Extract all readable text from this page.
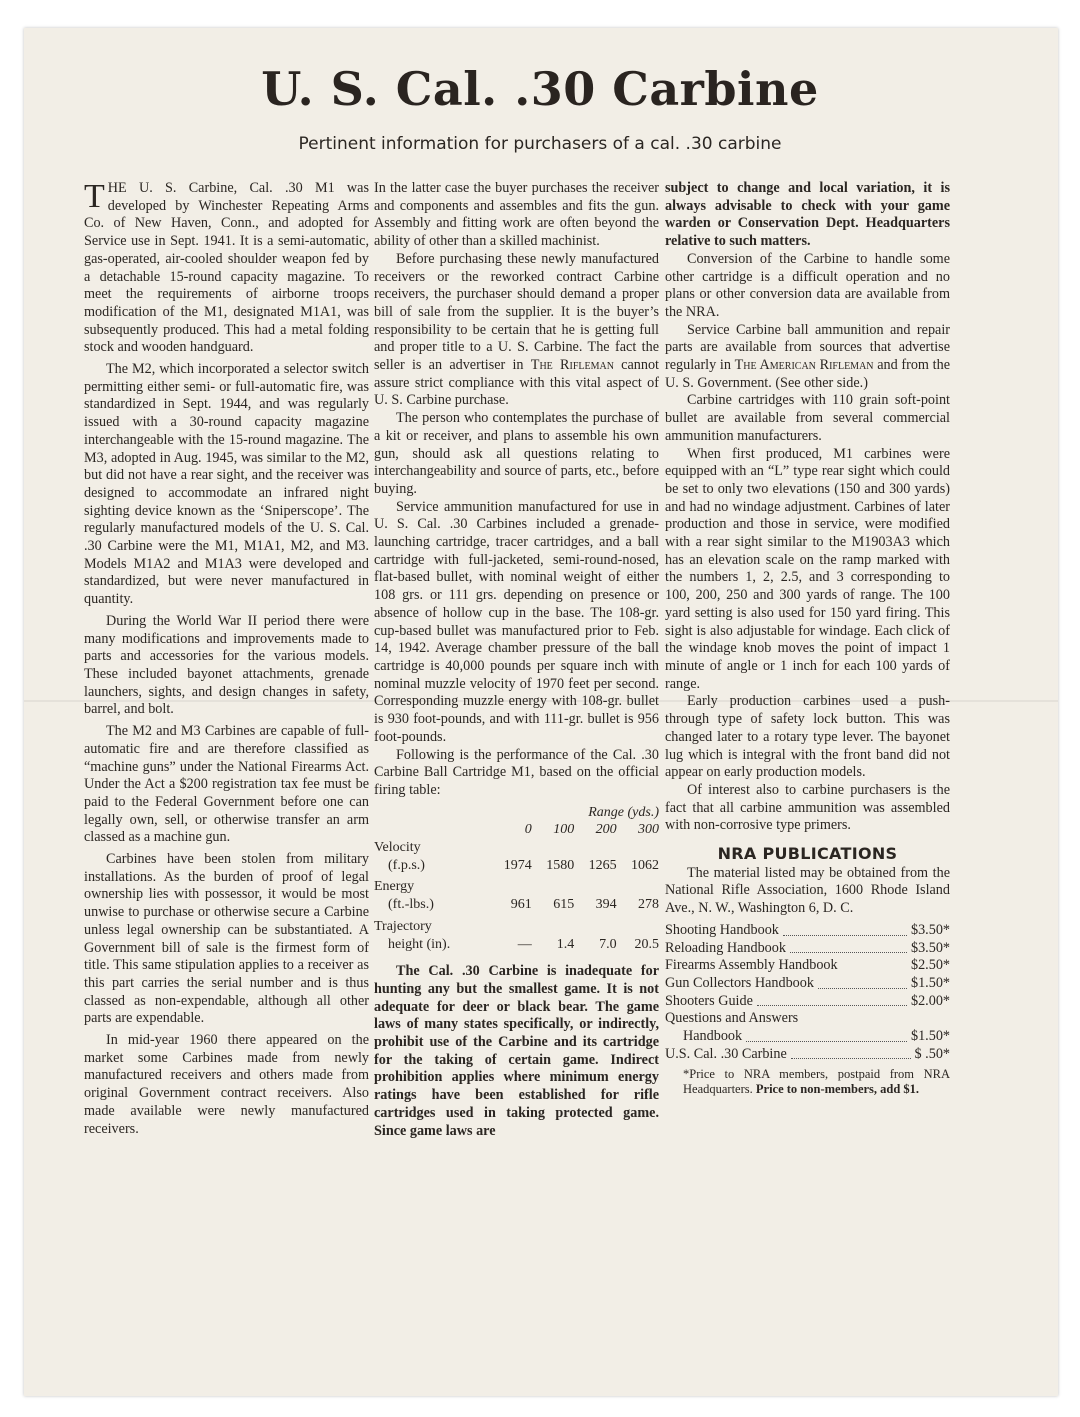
U. S. Cal. .30 Carbine
Pertinent information for purchasers of a cal. .30 carbine

THE U. S. Carbine, Cal. .30 M1 was developed by Winchester Repeating Arms Co. of New Haven, Conn., and adopted for Service use in Sept. 1941. It is a semi-automatic, gas-operated, air-cooled shoulder weapon fed by a detachable 15-round capacity magazine. To meet the requirements of airborne troops modification of the M1, designated M1A1, was subsequently produced. This had a metal folding stock and wooden handguard.

The M2, which incorporated a selector switch permitting either semi- or full-automatic fire, was standardized in Sept. 1944, and was regularly issued with a 30-round capacity magazine interchangeable with the 15-round magazine. The M3, adopted in Aug. 1945, was similar to the M2, but did not have a rear sight, and the receiver was designed to accommodate an infrared night sighting device known as the ‘Sniperscope’. The regularly manufactured models of the U. S. Cal. .30 Carbine were the M1, M1A1, M2, and M3. Models M1A2 and M1A3 were developed and standardized, but were never manufactured in quantity.

During the World War II period there were many modifications and improvements made to parts and accessories for the various models. These included bayonet attachments, grenade launchers, sights, and design changes in safety, barrel, and bolt.

The M2 and M3 Carbines are capable of full-automatic fire and are therefore classified as “machine guns” under the National Firearms Act. Under the Act a $200 registration tax fee must be paid to the Federal Government before one can legally own, sell, or otherwise transfer an arm classed as a machine gun.

Carbines have been stolen from military installations. As the burden of proof of legal ownership lies with possessor, it would be most unwise to purchase or otherwise secure a Carbine unless legal ownership can be substantiated. A Government bill of sale is the firmest form of title. This same stipulation applies to a receiver as this part carries the serial number and is thus classed as non-expendable, although all other parts are expendable.

In mid-year 1960 there appeared on the market some Carbines made from newly manufactured receivers and others made from original Government contract receivers. Also made available were newly manufactured receivers.

In the latter case the buyer purchases the receiver and components and assembles and fits the gun. Assembly and fitting work are often beyond the ability of other than a skilled machinist.

Before purchasing these newly manufactured receivers or the reworked contract Carbine receivers, the purchaser should demand a proper bill of sale from the supplier. It is the buyer’s responsibility to be certain that he is getting full and proper title to a U. S. Carbine. The fact the seller is an advertiser in The Rifleman cannot assure strict compliance with this vital aspect of U. S. Carbine purchase.

The person who contemplates the purchase of a kit or receiver, and plans to assemble his own gun, should ask all questions relating to interchangeability and source of parts, etc., before buying.

Service ammunition manufactured for use in U. S. Cal. .30 Carbines included a grenade-launching cartridge, tracer cartridges, and a ball cartridge with full-jacketed, semi-round-nosed, flat-based bullet, with nominal weight of either 108 grs. or 111 grs. depending on presence or absence of hollow cup in the base. The 108-gr. cup-based bullet was manufactured prior to Feb. 14, 1942. Average chamber pressure of the ball cartridge is 40,000 pounds per square inch with nominal muzzle velocity of 1970 feet per second. Corresponding muzzle energy with 108-gr. bullet is 930 foot-pounds, and with 111-gr. bullet is 956 foot-pounds.

Following is the performance of the Cal. .30 Carbine Ball Cartridge M1, based on the official firing table:

	Range (yds.)			
	0	100	200	300
Velocity				
(f.p.s.)	1974	1580	1265	1062
Energy				
(ft.-lbs.)	961	615	394	278
Trajectory				
height (in).	—	1.4	7.0	20.5

The Cal. .30 Carbine is inadequate for hunting any but the smallest game. It is not adequate for deer or black bear. The game laws of many states specifically, or indirectly, prohibit use of the Carbine and its cartridge for the taking of certain game. Indirect prohibition applies where minimum energy ratings have been established for rifle cartridges used in taking protected game. Since game laws are

subject to change and local variation, it is always advisable to check with your game warden or Conservation Dept. Headquarters relative to such matters.

Conversion of the Carbine to handle some other cartridge is a difficult operation and no plans or other conversion data are available from the NRA.

Service Carbine ball ammunition and repair parts are available from sources that advertise regularly in The American Rifleman and from the U. S. Government. (See other side.)

Carbine cartridges with 110 grain soft-point bullet are available from several commercial ammunition manufacturers.

When first produced, M1 carbines were equipped with an “L” type rear sight which could be set to only two elevations (150 and 300 yards) and had no windage adjustment. Carbines of later production and those in service, were modified with a rear sight similar to the M1903A3 which has an elevation scale on the ramp marked with the numbers 1, 2, 2.5, and 3 corresponding to 100, 200, 250 and 300 yards of range. The 100 yard setting is also used for 150 yard firing. This sight is also adjustable for windage. Each click of the windage knob moves the point of impact 1 minute of angle or 1 inch for each 100 yards of range.

Early production carbines used a push-through type of safety lock button. This was changed later to a rotary type lever. The bayonet lug which is integral with the front band did not appear on early production models.

Of interest also to carbine purchasers is the fact that all carbine ammunition was assembled with non-corrosive type primers.

NRA PUBLICATIONS

The material listed may be obtained from the National Rifle Association, 1600 Rhode Island Ave., N. W., Washington 6, D. C.

Shooting Handbook	$3.50*
Reloading Handbook	$3.50*
Firearms Assembly Handbook	$2.50*
Gun Collectors Handbook	$1.50*
Shooters Guide	$2.00*
Questions and Answers
Handbook	$1.50*
U.S. Cal. .30 Carbine	$ .50*
*Price to NRA members, postpaid from NRA Headquarters. Price to non-members, add $1.
